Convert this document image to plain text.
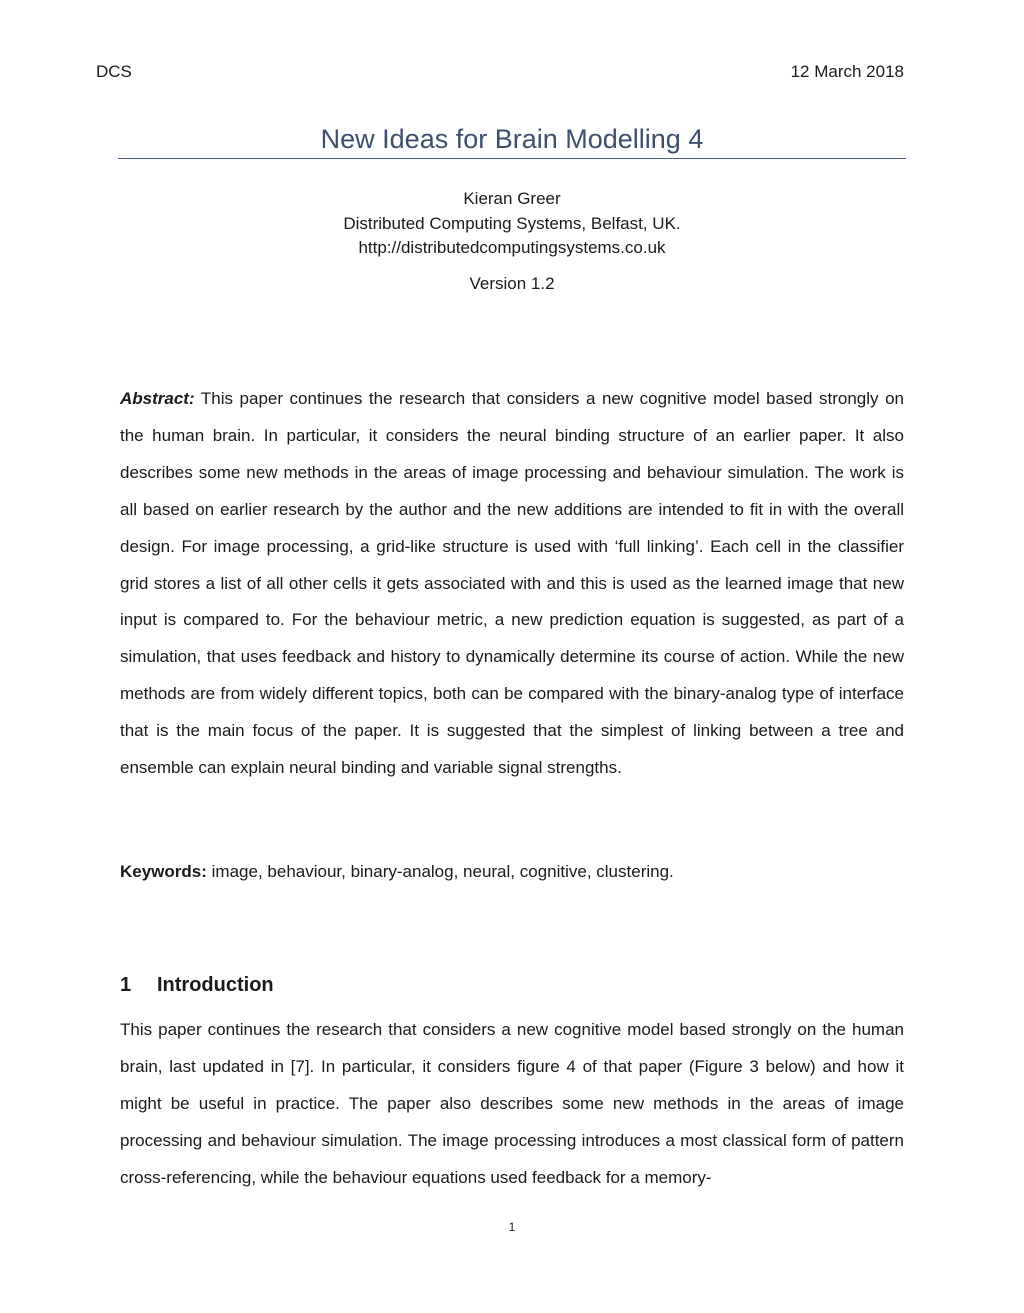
DCS	12 March 2018
New Ideas for Brain Modelling 4
Kieran Greer
Distributed Computing Systems, Belfast, UK.
http://distributedcomputingsystems.co.uk
Version 1.2

Abstract: This paper continues the research that considers a new cognitive model based strongly on the human brain. In particular, it considers the neural binding structure of an earlier paper. It also describes some new methods in the areas of image processing and behaviour simulation. The work is all based on earlier research by the author and the new additions are intended to fit in with the overall design. For image processing, a grid-like structure is used with ‘full linking’. Each cell in the classifier grid stores a list of all other cells it gets associated with and this is used as the learned image that new input is compared to. For the behaviour metric, a new prediction equation is suggested, as part of a simulation, that uses feedback and history to dynamically determine its course of action. While the new methods are from widely different topics, both can be compared with the binary-analog type of interface that is the main focus of the paper. It is suggested that the simplest of linking between a tree and ensemble can explain neural binding and variable signal strengths.

Keywords: image, behaviour, binary-analog, neural, cognitive, clustering.

1 Introduction

This paper continues the research that considers a new cognitive model based strongly on the human brain, last updated in [7]. In particular, it considers figure 4 of that paper (Figure 3 below) and how it might be useful in practice. The paper also describes some new methods in the areas of image processing and behaviour simulation. The image processing introduces a most classical form of pattern cross-referencing, while the behaviour equations used feedback for a memory-

1
